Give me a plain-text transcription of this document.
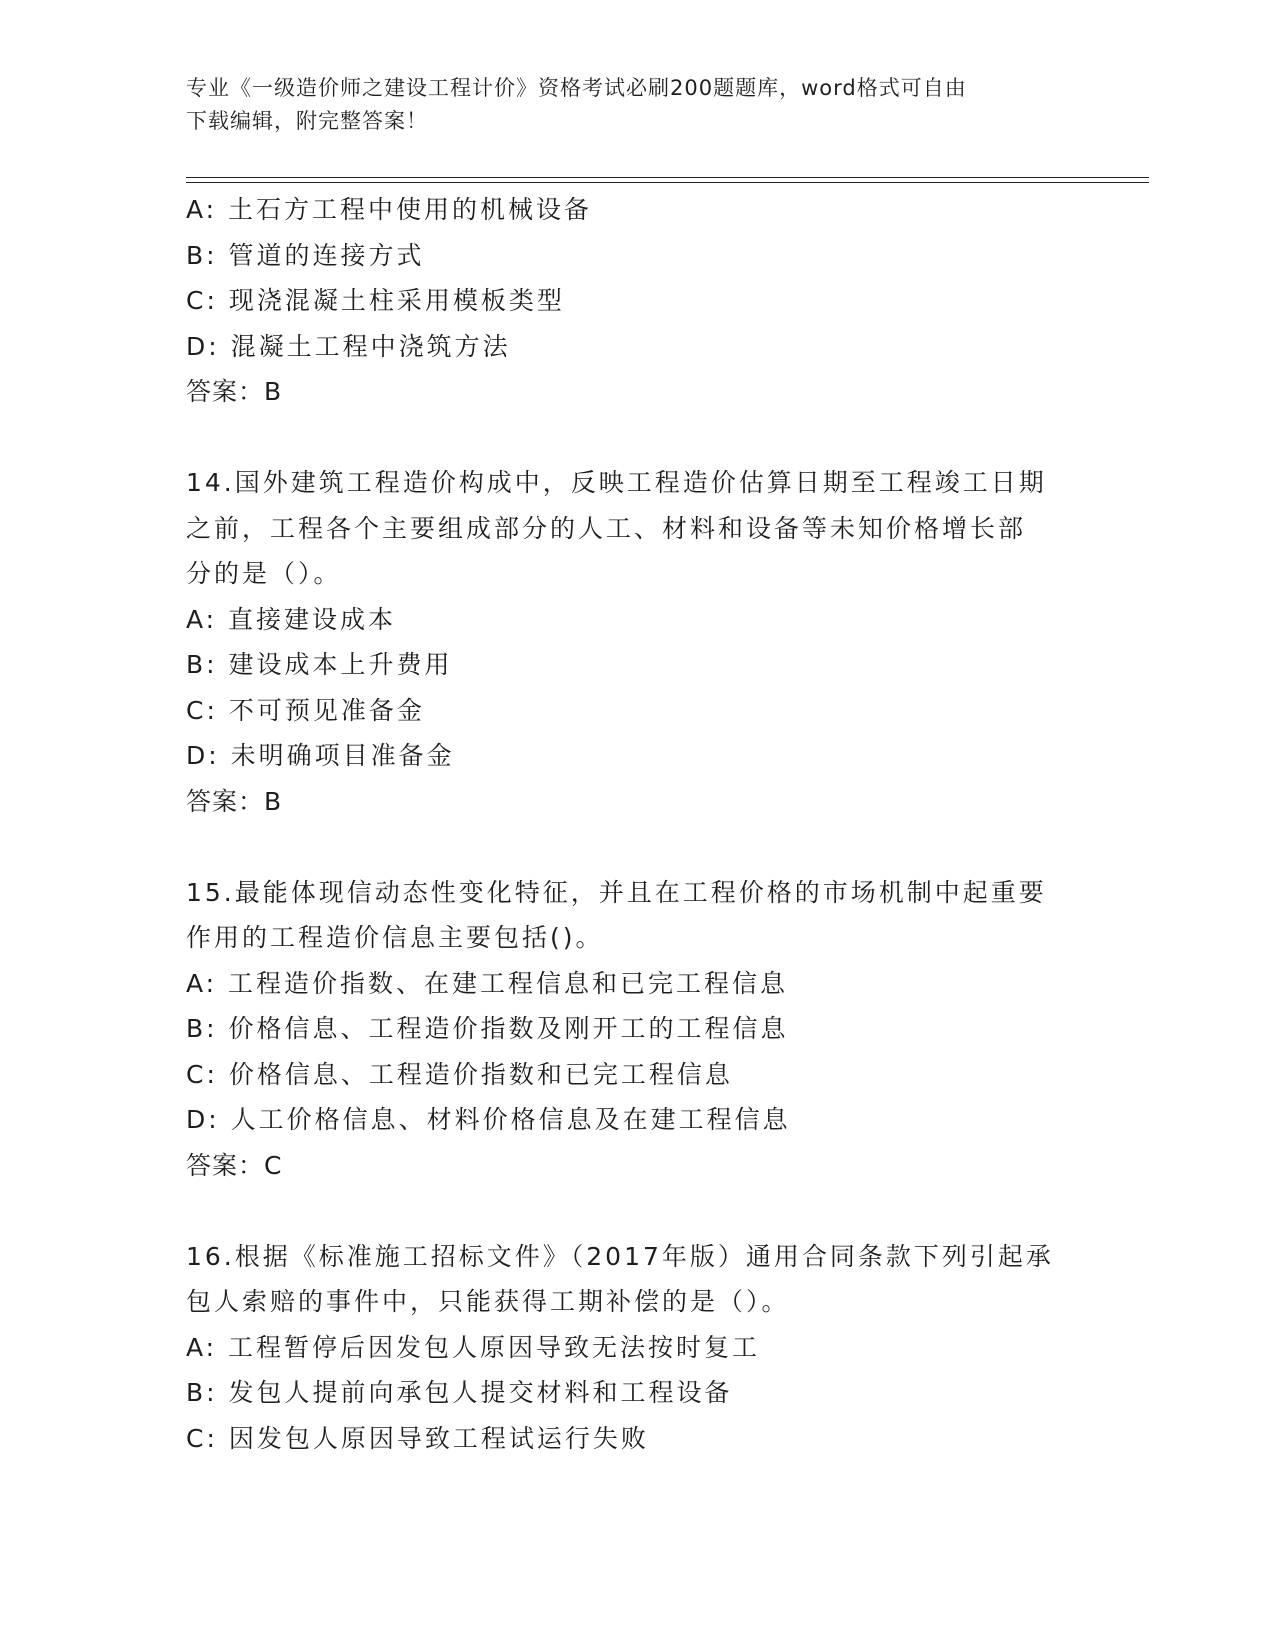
专业《一级造价师之建设工程计价》资格考试必刷200题题库，word格式可自由
下载编辑，附完整答案！
A: 土石方工程中使用的机械设备
B: 管道的连接方式
C: 现浇混凝土柱采用模板类型
D: 混凝土工程中浇筑方法
答案：B
14.国外建筑工程造价构成中，反映工程造价估算日期至工程竣工日期
之前，工程各个主要组成部分的人工、材料和设备等未知价格增长部
分的是（）。
A: 直接建设成本
B: 建设成本上升费用
C: 不可预见准备金
D: 未明确项目准备金
答案：B
15.最能体现信动态性变化特征，并且在工程价格的市场机制中起重要
作用的工程造价信息主要包括()。
A: 工程造价指数、在建工程信息和已完工程信息
B: 价格信息、工程造价指数及刚开工的工程信息
C: 价格信息、工程造价指数和已完工程信息
D: 人工价格信息、材料价格信息及在建工程信息
答案：C
16.根据《标准施工招标文件》（2017年版）通用合同条款下列引起承
包人索赔的事件中，只能获得工期补偿的是（）。
A: 工程暂停后因发包人原因导致无法按时复工
B: 发包人提前向承包人提交材料和工程设备
C: 因发包人原因导致工程试运行失败
